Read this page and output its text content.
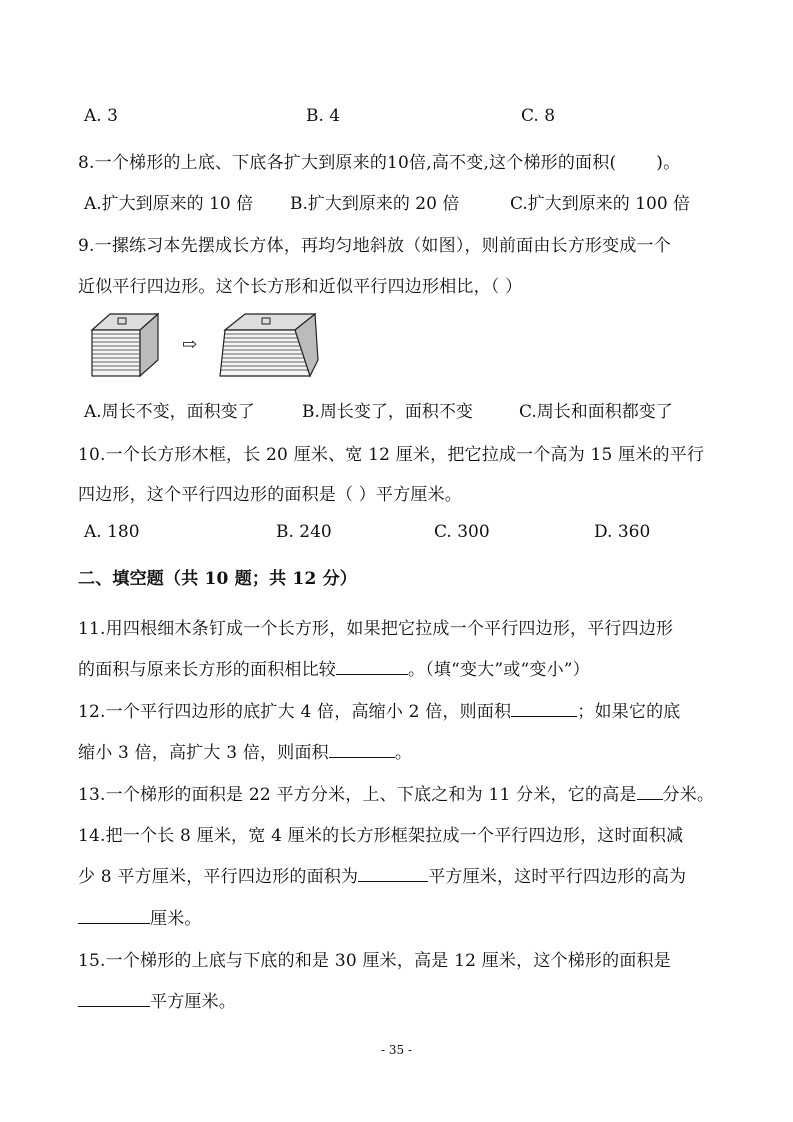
A. 3	B. 4	C. 8
8.一个梯形的上底、下底各扩大到原来的10倍,高不变,这个梯形的面积( )。
A.扩大到原来的 10 倍 B.扩大到原来的 20 倍	C.扩大到原来的 100 倍
9.一摞练习本先摆成长方体，再均匀地斜放（如图），则前面由长方形变成一个
近似平行四边形。这个长方形和近似平行四边形相比，（ ）
⇨
A.周长不变，面积变了	B.周长变了，面积不变	C.周长和面积都变了
10.一个长方形木框，长 20 厘米、宽 12 厘米，把它拉成一个高为 15 厘米的平行
四边形，这个平行四边形的面积是（ ）平方厘米。
A. 180	B. 240	C. 300	D. 360
二、填空题（共 10 题；共 12 分）
11.用四根细木条钉成一个长方形，如果把它拉成一个平行四边形，平行四边形
的面积与原来长方形的面积相比较	。（填“变大”或“变小”）
12.一个平行四边形的底扩大 4 倍，高缩小 2 倍，则面积	；如果它的底
缩小 3 倍，高扩大 3 倍，则面积	。
13.一个梯形的面积是 22 平方分米，上、下底之和为 11 分米，它的高是 分米。
14.把一个长 8 厘米，宽 4 厘米的长方形框架拉成一个平行四边形，这时面积减
少 8 平方厘米，平行四边形的面积为	平方厘米，这时平行四边形的高为
厘米。
15.一个梯形的上底与下底的和是 30 厘米，高是 12 厘米，这个梯形的面积是
平方厘米。
- 35 -
